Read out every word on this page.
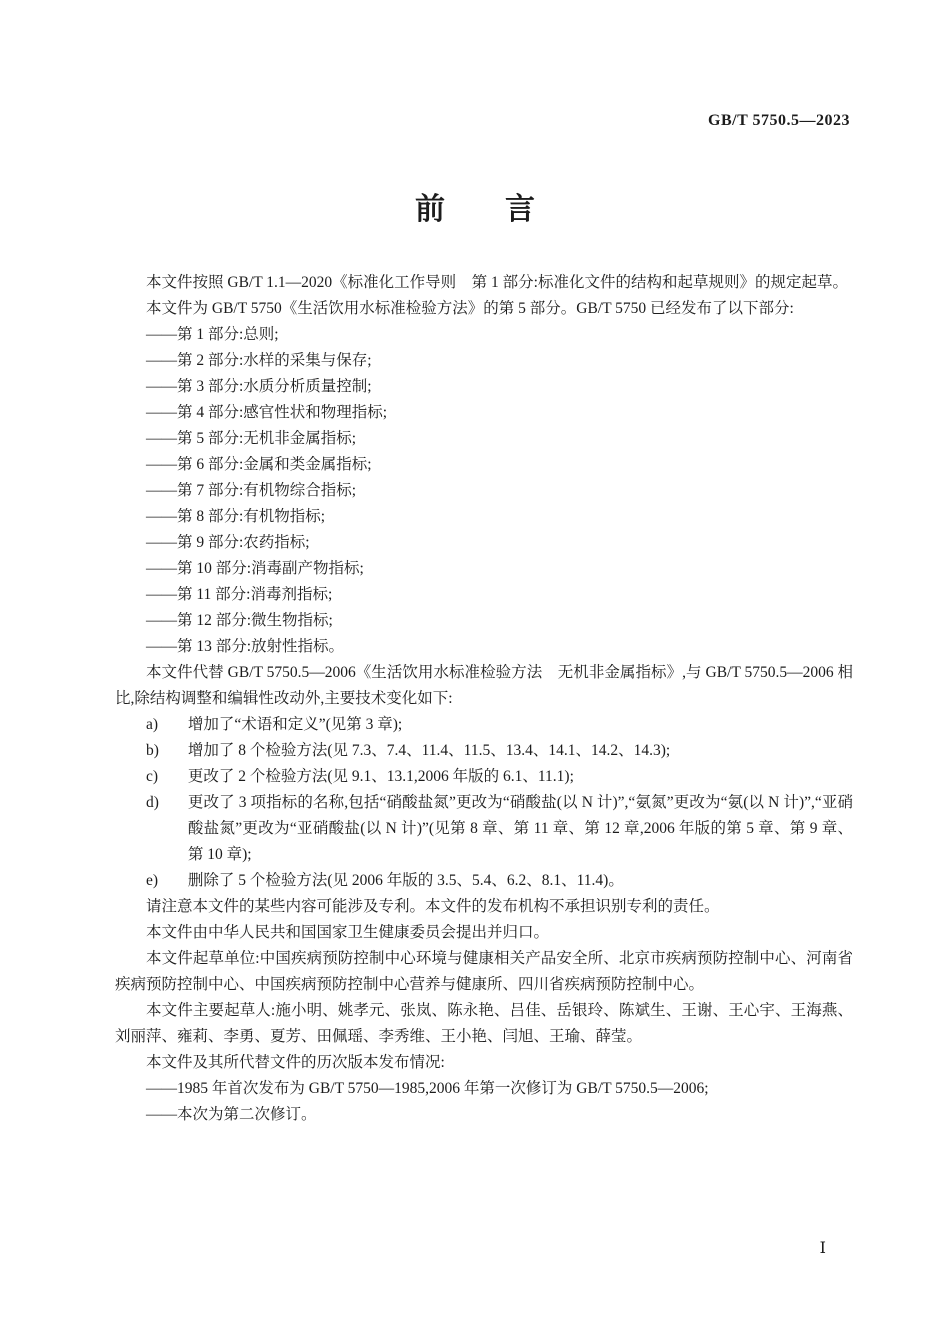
GB/T 5750.5—2023
前　　言

本文件按照 GB/T 1.1—2020《标准化工作导则　第 1 部分:标准化文件的结构和起草规则》的规定起草。

本文件为 GB/T 5750《生活饮用水标准检验方法》的第 5 部分。GB/T 5750 已经发布了以下部分:

——第 1 部分:总则;
——第 2 部分:水样的采集与保存;
——第 3 部分:水质分析质量控制;
——第 4 部分:感官性状和物理指标;
——第 5 部分:无机非金属指标;
——第 6 部分:金属和类金属指标;
——第 7 部分:有机物综合指标;
——第 8 部分:有机物指标;
——第 9 部分:农药指标;
——第 10 部分:消毒副产物指标;
——第 11 部分:消毒剂指标;
——第 12 部分:微生物指标;
——第 13 部分:放射性指标。

本文件代替 GB/T 5750.5—2006《生活饮用水标准检验方法　无机非金属指标》,与 GB/T 5750.5—2006 相比,除结构调整和编辑性改动外,主要技术变化如下:

a)	增加了“术语和定义”(见第 3 章);
b)	增加了 8 个检验方法(见 7.3、7.4、11.4、11.5、13.4、14.1、14.2、14.3);
c)	更改了 2 个检验方法(见 9.1、13.1,2006 年版的 6.1、11.1);
d)	更改了 3 项指标的名称,包括“硝酸盐氮”更改为“硝酸盐(以 N 计)”,“氨氮”更改为“氨(以 N 计)”,“亚硝酸盐氮”更改为“亚硝酸盐(以 N 计)”(见第 8 章、第 11 章、第 12 章,2006 年版的第 5 章、第 9 章、第 10 章);
e)	删除了 5 个检验方法(见 2006 年版的 3.5、5.4、6.2、8.1、11.4)。

请注意本文件的某些内容可能涉及专利。本文件的发布机构不承担识别专利的责任。

本文件由中华人民共和国国家卫生健康委员会提出并归口。

本文件起草单位:中国疾病预防控制中心环境与健康相关产品安全所、北京市疾病预防控制中心、河南省疾病预防控制中心、中国疾病预防控制中心营养与健康所、四川省疾病预防控制中心。

本文件主要起草人:施小明、姚孝元、张岚、陈永艳、吕佳、岳银玲、陈斌生、王谢、王心宇、王海燕、刘丽萍、雍莉、李勇、夏芳、田佩瑶、李秀维、王小艳、闫旭、王瑜、薛莹。

本文件及其所代替文件的历次版本发布情况:

——1985 年首次发布为 GB/T 5750—1985,2006 年第一次修订为 GB/T 5750.5—2006;
——本次为第二次修订。
Ⅰ
